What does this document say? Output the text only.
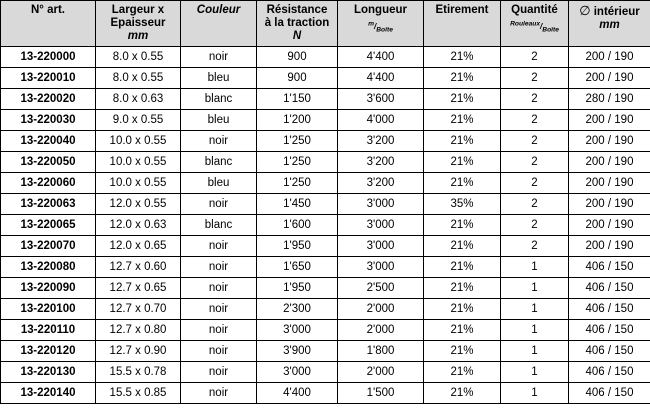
N° art.	Largeur x
Epaisseur
mm	Couleur	Résistance
à la traction
N	Longueur
$^m/_{Boîte}$	Etirement	Quantité
$^{Rouleaux}/_{Boîte}$	∅ intérieur
mm
13-220000	8.0 x 0.55	noir	900	4'400	21%	2	200 / 190
13-220010	8.0 x 0.55	bleu	900	4'400	21%	2	200 / 190
13-220020	8.0 x 0.63	blanc	1'150	3'600	21%	2	280 / 190
13-220030	9.0 x 0.55	bleu	1'200	4'000	21%	2	200 / 190
13-220040	10.0 x 0.55	noir	1'250	3'200	21%	2	200 / 190
13-220050	10.0 x 0.55	blanc	1'250	3'200	21%	2	200 / 190
13-220060	10.0 x 0.55	bleu	1'250	3'200	21%	2	200 / 190
13-220063	12.0 x 0.55	noir	1'450	3'000	35%	2	200 / 190
13-220065	12.0 x 0.63	blanc	1'600	3'000	21%	2	200 / 190
13-220070	12.0 x 0.65	noir	1'950	3'000	21%	2	200 / 190
13-220080	12.7 x 0.60	noir	1'650	3'000	21%	1	406 / 150
13-220090	12.7 x 0.65	noir	1'950	2'500	21%	1	406 / 150
13-220100	12.7 x 0.70	noir	2'300	2'000	21%	1	406 / 150
13-220110	12.7 x 0.80	noir	3'000	2'000	21%	1	406 / 150
13-220120	12.7 x 0.90	noir	3'900	1'800	21%	1	406 / 150
13-220130	15.5 x 0.78	noir	3'000	2'000	21%	1	406 / 150
13-220140	15.5 x 0.85	noir	4'400	1'500	21%	1	406 / 150
